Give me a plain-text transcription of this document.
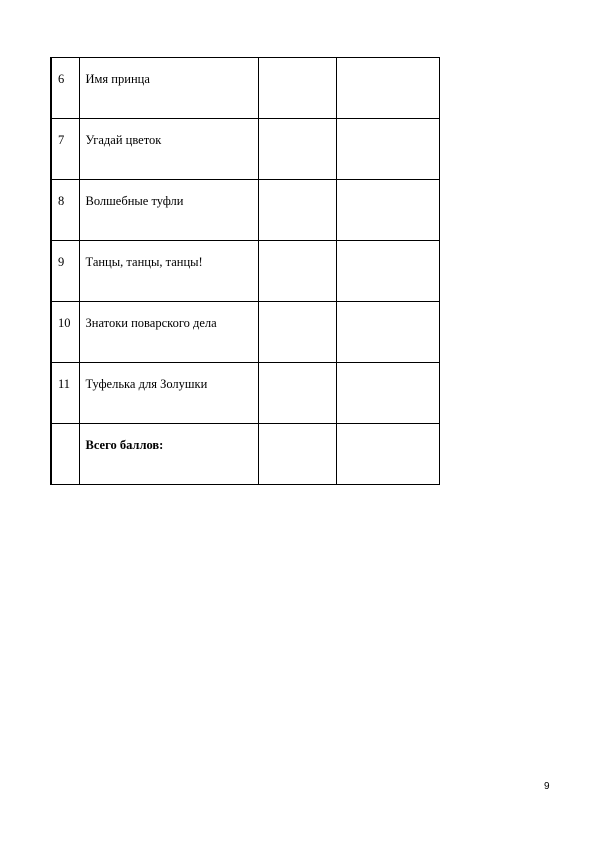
6	Имя принца		
7	Угадай цветок		
8	Волшебные туфли		
9	Танцы, танцы, танцы!		
10	Знатоки поварского дела		
11	Туфелька для Золушки		
	Всего баллов:		
9
